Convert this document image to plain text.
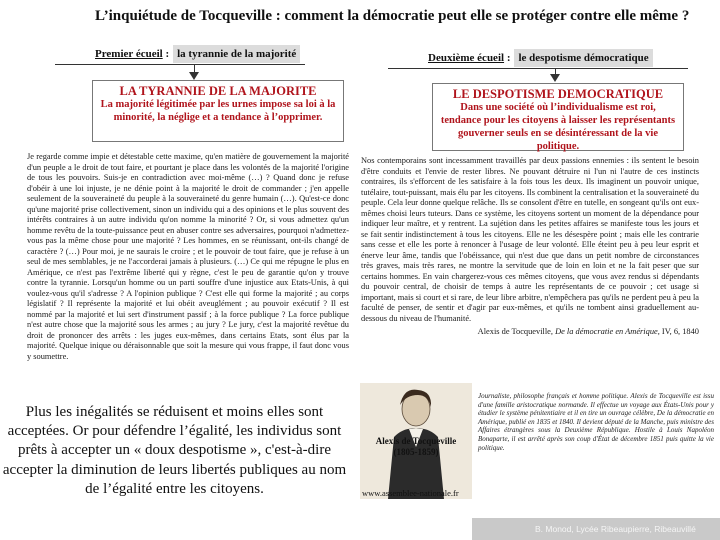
L’inquiétude de Tocqueville : comment la démocratie peut elle se protéger contre elle même ?
Premier écueil : la tyrannie de la majorité	Deuxième écueil : le despotisme démocratique
LA TYRANNIE DE LA MAJORITE
La majorité légitimée par les urnes impose sa loi à la minorité, la néglige et a tendance à l’opprimer.
LE DESPOTISME DEMOCRATIQUE
Dans une société où l’individualisme est roi, tendance pour les citoyens à laisser les représentants gouverner seuls en se désintéressant de la vie politique.

Je regarde comme impie et détestable cette maxime, qu'en matière de gouvernement la majorité d'un peuple a le droit de tout faire, et pourtant je place dans les volontés de la majorité l'origine de tous les pouvoirs. Suis-je en contradiction avec moi-même (…) ? Quand donc je refuse d'obéir à une loi injuste, je ne dénie point à la majorité le droit de commander ; j'en appelle seulement de la souveraineté du peuple à la souveraineté du genre humain (…). Qu'est-ce donc qu'une majorité prise collectivement, sinon un individu qui a des opinions et le plus souvent des intérêts contraires à un autre individu qu'on nomme la minorité ? Or, si vous admettez qu'un homme revêtu de la toute-puissance peut en abuser contre ses adversaires, pourquoi n'admettez-vous pas la même chose pour une majorité ? Les hommes, en se réunissant, ont-ils changé de caractère ? (…) Pour moi, je ne saurais le croire ; et le pouvoir de tout faire, que je refuse à un seul de mes semblables, je ne l'accorderai jamais à plusieurs. (…) Ce qui me répugne le plus en Amérique, ce n'est pas l'extrême liberté qui y règne, c'est le peu de garantie qu'on y trouve contre la tyrannie. Lorsqu'un homme ou un parti souffre d'une injustice aux Etats-Unis, à qui voulez-vous qu'il s'adresse ? A l'opinion publique ? C'est elle qui forme la majorité ; au corps législatif ? Il représente la majorité et lui obéit aveuglément ; au pouvoir exécutif ? Il est nommé par la majorité et lui sert d'instrument passif ; à la force publique ? La force publique n'est autre chose que la majorité sous les armes ; au jury ? Le jury, c'est la majorité revêtue du droit de prononcer des arrêts : les juges eux-mêmes, dans certains Etats, sont élus par la majorité. Quelque inique ou déraisonnable que soit la mesure qui vous frappe, il faut donc vous y soumettre.

Nos contemporains sont incessamment travaillés par deux passions ennemies : ils sentent le besoin d'être conduits et l'envie de rester libres. Ne pouvant détruire ni l'un ni l'autre de ces instincts contraires, ils s'efforcent de les satisfaire à la fois tous les deux. Ils imaginent un pouvoir unique, tutélaire, tout-puissant, mais élu par les citoyens. Ils combinent la centralisation et la souveraineté du peuple. Cela leur donne quelque relâche. Ils se consolent d'être en tutelle, en songeant qu'ils ont eux-mêmes choisi leurs tuteurs. Dans ce système, les citoyens sortent un moment de la dépendance pour indiquer leur maître, et y rentrent. La sujétion dans les petites affaires se manifeste tous les jours et se fait sentir indistinctement à tous les citoyens. Elle ne les désespère point ; mais elle les contrarie sans cesse et elle les porte à renoncer à l'usage de leur volonté. Elle éteint peu à peu leur esprit et énerve leur âme, tandis que l'obéissance, qui n'est due que dans un petit nombre de circonstances très graves, mais très rares, ne montre la servitude que de loin en loin et ne la fait peser que sur certains hommes. En vain chargerez-vous ces mêmes citoyens, que vous avez rendus si dépendants du pouvoir central, de choisir de temps à autre les représentants de ce pouvoir ; cet usage si important, mais si court et si rare, de leur libre arbitre, n'empêchera pas qu'ils ne perdent peu à peu la faculté de penser, de sentir et d'agir par eux-mêmes, et qu'ils ne tombent ainsi graduellement au-dessous du niveau de l'humanité.

Alexis de Tocqueville, De la démocratie en Amérique, IV, 6, 1840
Plus les inégalités se réduisent et moins elles sont acceptées. Or pour défendre l’égalité, les individus sont prêts à accepter un « doux despotisme », c'est-à-dire accepter la diminution de leurs libertés publiques au nom de l’égalité entre les citoyens.
Alexis de Tocqueville
(1805-1859)
www.assemblee-nationale.fr
Journaliste, philosophe français et homme politique. Alexis de Tocqueville est issu d'une famille aristocratique normande. Il effectue un voyage aux États-Unis pour y étudier le système pénitentiaire et il en tire un ouvrage célèbre, De la démocratie en Amérique, publié en 1835 et 1840. Il devient député de la Manche, puis ministre des Affaires étrangères sous la Deuxième République. Hostile à Louis Napoléon Bonaparte, il est arrêté après son coup d'État de décembre 1851 puis quitte la vie politique.
B. Monod, Lycée Ribeaupierre, Ribeauvillé
